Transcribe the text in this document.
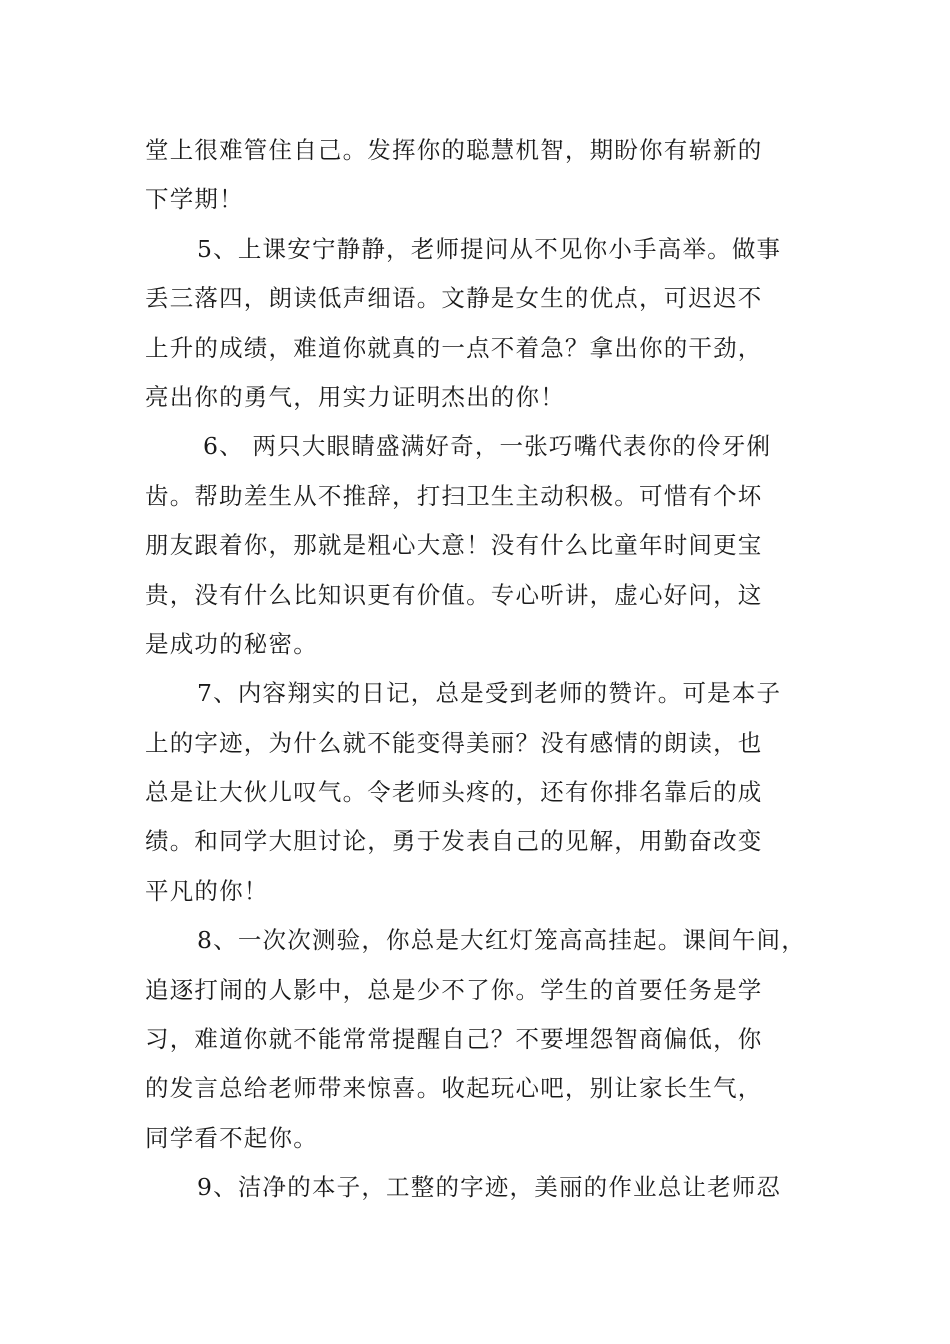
堂上很难管住自己。发挥你的聪慧机智，期盼你有崭新的
下学期！
5、上课安宁静静，老师提问从不见你小手高举。做事
丢三落四，朗读低声细语。文静是女生的优点，可迟迟不
上升的成绩，难道你就真的一点不着急？拿出你的干劲，
亮出你的勇气，用实力证明杰出的你！
6、 两只大眼睛盛满好奇，一张巧嘴代表你的伶牙俐
齿。帮助差生从不推辞，打扫卫生主动积极。可惜有个坏
朋友跟着你，那就是粗心大意！没有什么比童年时间更宝
贵，没有什么比知识更有价值。专心听讲，虚心好问，这
是成功的秘密。
7、内容翔实的日记，总是受到老师的赞许。可是本子
上的字迹，为什么就不能变得美丽？没有感情的朗读，也
总是让大伙儿叹气。令老师头疼的，还有你排名靠后的成
绩。和同学大胆讨论，勇于发表自己的见解，用勤奋改变
平凡的你！
8、一次次测验，你总是大红灯笼高高挂起。课间午间，
追逐打闹的人影中，总是少不了你。学生的首要任务是学
习，难道你就不能常常提醒自己？不要埋怨智商偏低，你
的发言总给老师带来惊喜。收起玩心吧，别让家长生气，
同学看不起你。
9、洁净的本子，工整的字迹，美丽的作业总让老师忍
